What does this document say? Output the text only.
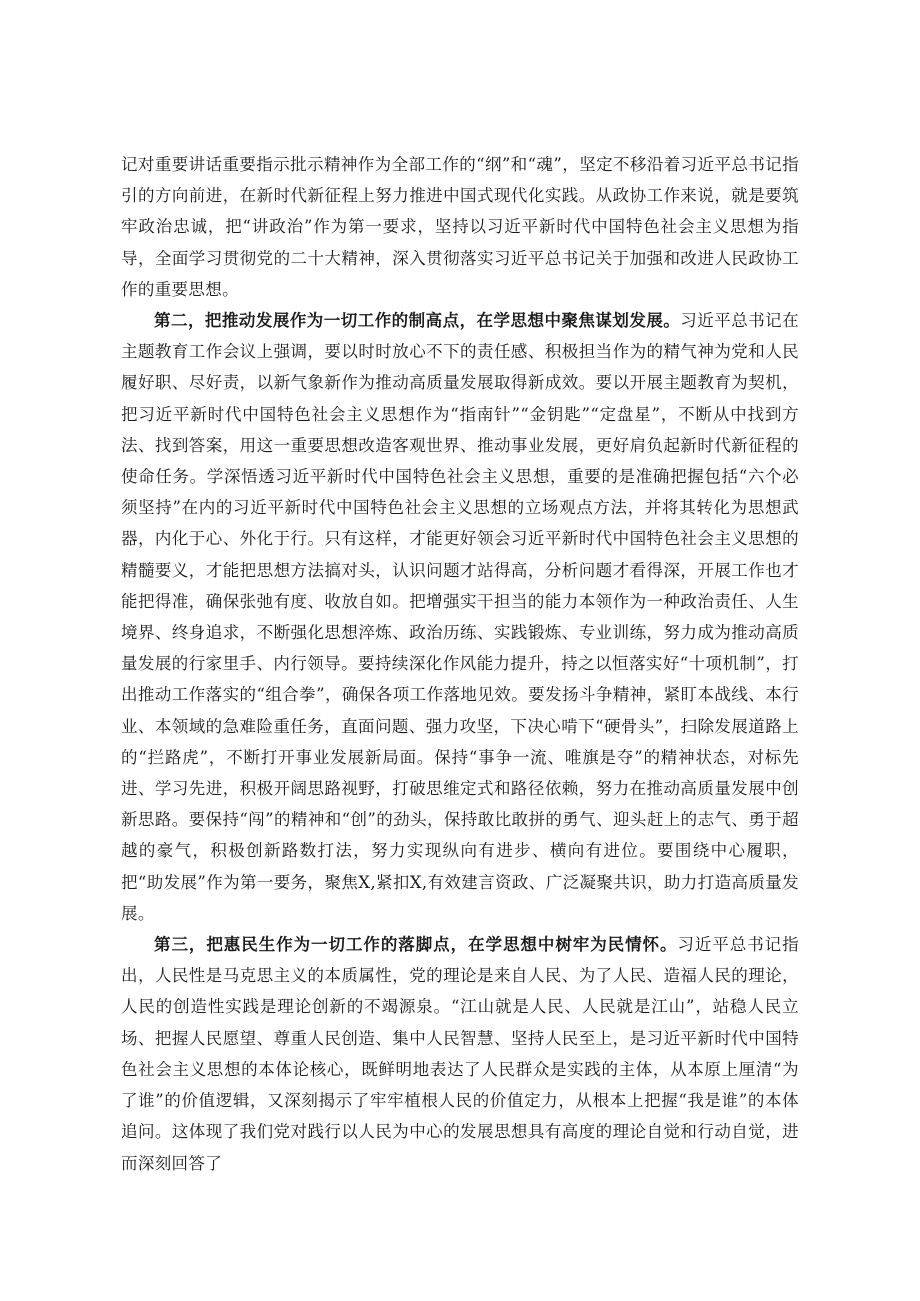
记对重要讲话重要指示批示精神作为全部工作的“纲”和“魂”，坚定不移沿着习近平总书记指引的方向前进，在新时代新征程上努力推进中国式现代化实践。从政协工作来说，就是要筑牢政治忠诚，把“讲政治”作为第一要求，坚持以习近平新时代中国特色社会主义思想为指导，全面学习贯彻党的二十大精神，深入贯彻落实习近平总书记关于加强和改进人民政协工作的重要思想。

第二，把推动发展作为一切工作的制高点，在学思想中聚焦谋划发展。习近平总书记在主题教育工作会议上强调，要以时时放心不下的责任感、积极担当作为的精气神为党和人民履好职、尽好责，以新气象新作为推动高质量发展取得新成效。要以开展主题教育为契机，把习近平新时代中国特色社会主义思想作为“指南针”“金钥匙”“定盘星”，不断从中找到方法、找到答案，用这一重要思想改造客观世界、推动事业发展，更好肩负起新时代新征程的使命任务。学深悟透习近平新时代中国特色社会主义思想，重要的是准确把握包括“六个必须坚持”在内的习近平新时代中国特色社会主义思想的立场观点方法，并将其转化为思想武器，内化于心、外化于行。只有这样，才能更好领会习近平新时代中国特色社会主义思想的精髓要义，才能把思想方法搞对头，认识问题才站得高，分析问题才看得深，开展工作也才能把得准，确保张弛有度、收放自如。把增强实干担当的能力本领作为一种政治责任、人生境界、终身追求，不断强化思想淬炼、政治历练、实践锻炼、专业训练，努力成为推动高质量发展的行家里手、内行领导。要持续深化作风能力提升，持之以恒落实好“十项机制”，打出推动工作落实的“组合拳”，确保各项工作落地见效。要发扬斗争精神，紧盯本战线、本行业、本领域的急难险重任务，直面问题、强力攻坚，下决心啃下“硬骨头”，扫除发展道路上的“拦路虎”，不断打开事业发展新局面。保持“事争一流、唯旗是夺”的精神状态，对标先进、学习先进，积极开阔思路视野，打破思维定式和路径依赖，努力在推动高质量发展中创新思路。要保持“闯”的精神和“创”的劲头，保持敢比敢拼的勇气、迎头赶上的志气、勇于超越的豪气，积极创新路数打法，努力实现纵向有进步、横向有进位。要围绕中心履职，把“助发展”作为第一要务，聚焦X,紧扣X,有效建言资政、广泛凝聚共识，助力打造高质量发展。

第三，把惠民生作为一切工作的落脚点，在学思想中树牢为民情怀。习近平总书记指出，人民性是马克思主义的本质属性，党的理论是来自人民、为了人民、造福人民的理论，人民的创造性实践是理论创新的不竭源泉。“江山就是人民、人民就是江山”，站稳人民立场、把握人民愿望、尊重人民创造、集中人民智慧、坚持人民至上，是习近平新时代中国特色社会主义思想的本体论核心，既鲜明地表达了人民群众是实践的主体，从本原上厘清“为了谁”的价值逻辑，又深刻揭示了牢牢植根人民的价值定力，从根本上把握“我是谁”的本体追问。这体现了我们党对践行以人民为中心的发展思想具有高度的理论自觉和行动自觉，进而深刻回答了
